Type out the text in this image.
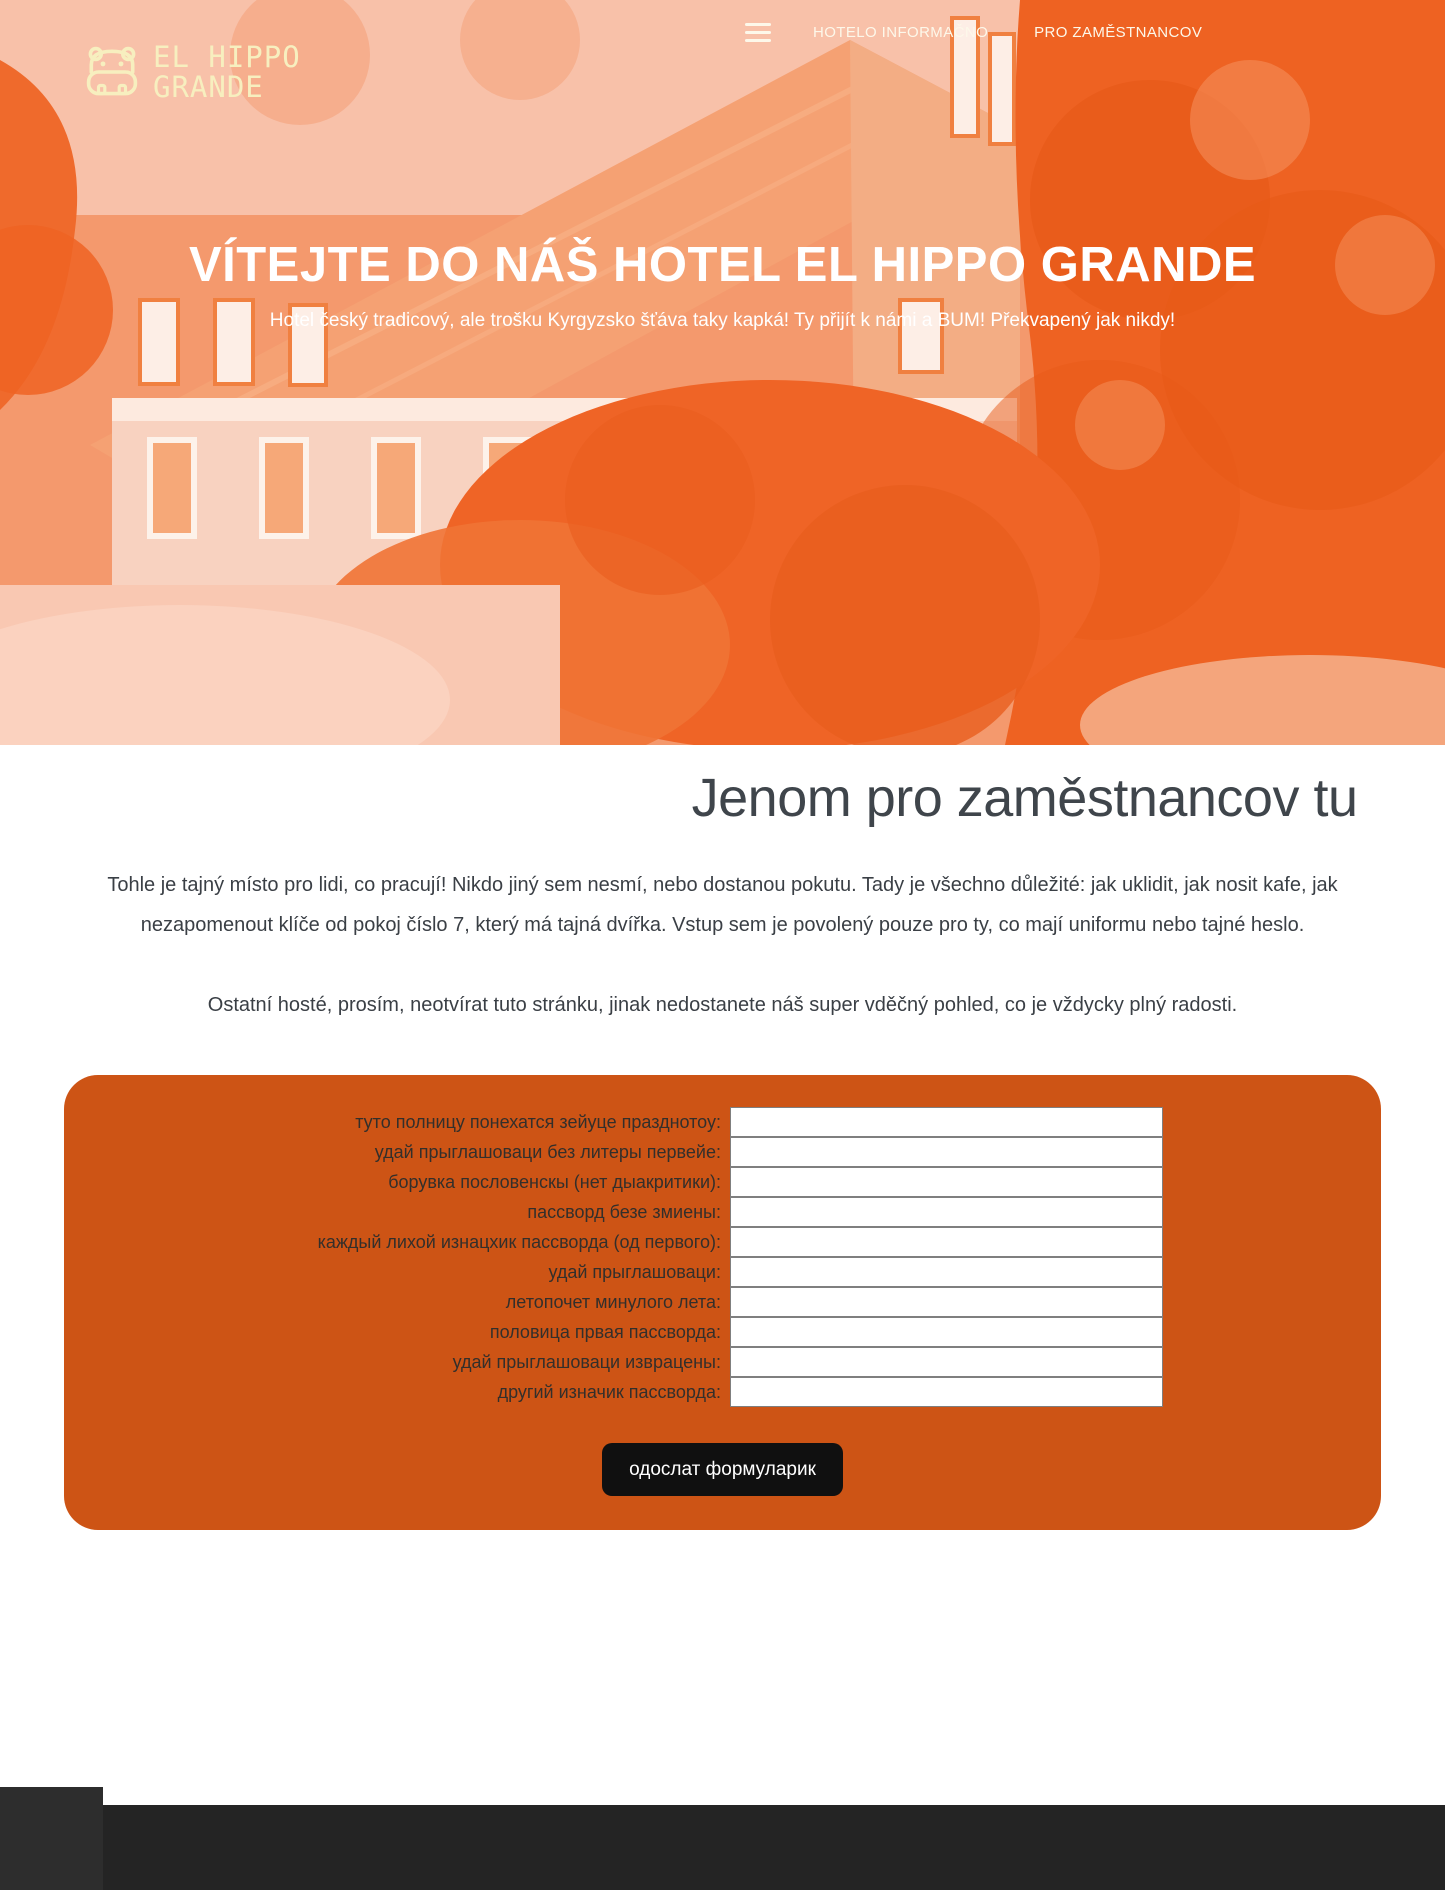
EL HIPPO
GRANDE
HOTELO INFORMAČNO	PRO ZAMĚSTNANCOV
VÍTEJTE DO NÁŠ HOTEL EL HIPPO GRANDE

Hotel český tradicový, ale trošku Kyrgyzsko šťáva taky kapká! Ty přijít k námi a BUM! Překvapený jak nikdy!

Jenom pro zaměstnancov tu

Tohle je tajný místo pro lidi, co pracují! Nikdo jiný sem nesmí, nebo dostanou pokutu. Tady je všechno důležité: jak uklidit, jak nosit kafe, jak nezapomenout klíče od pokoj číslo 7, který má tajná dvířka. Vstup sem je povolený pouze pro ty, co mají uniformu nebo tajné heslo.

Ostatní hosté, prosím, neotvírat tuto stránku, jinak nedostanete náš super vděčný pohled, co je vždycky plný radosti.

туто полницу понехатся зейуце празднотоу:
удай прыглашоваци без литеры первейе:
борувка пословенскы (нет дыакритики):
пассворд безе змиены:
каждый лихой изнацхик пассворда (од первого):
удай прыглашоваци:
летопочет минулого лета:
половица првая пассворда:
удай прыглашоваци изврацены:
другий изначик пассворда:
одослат формуларик
